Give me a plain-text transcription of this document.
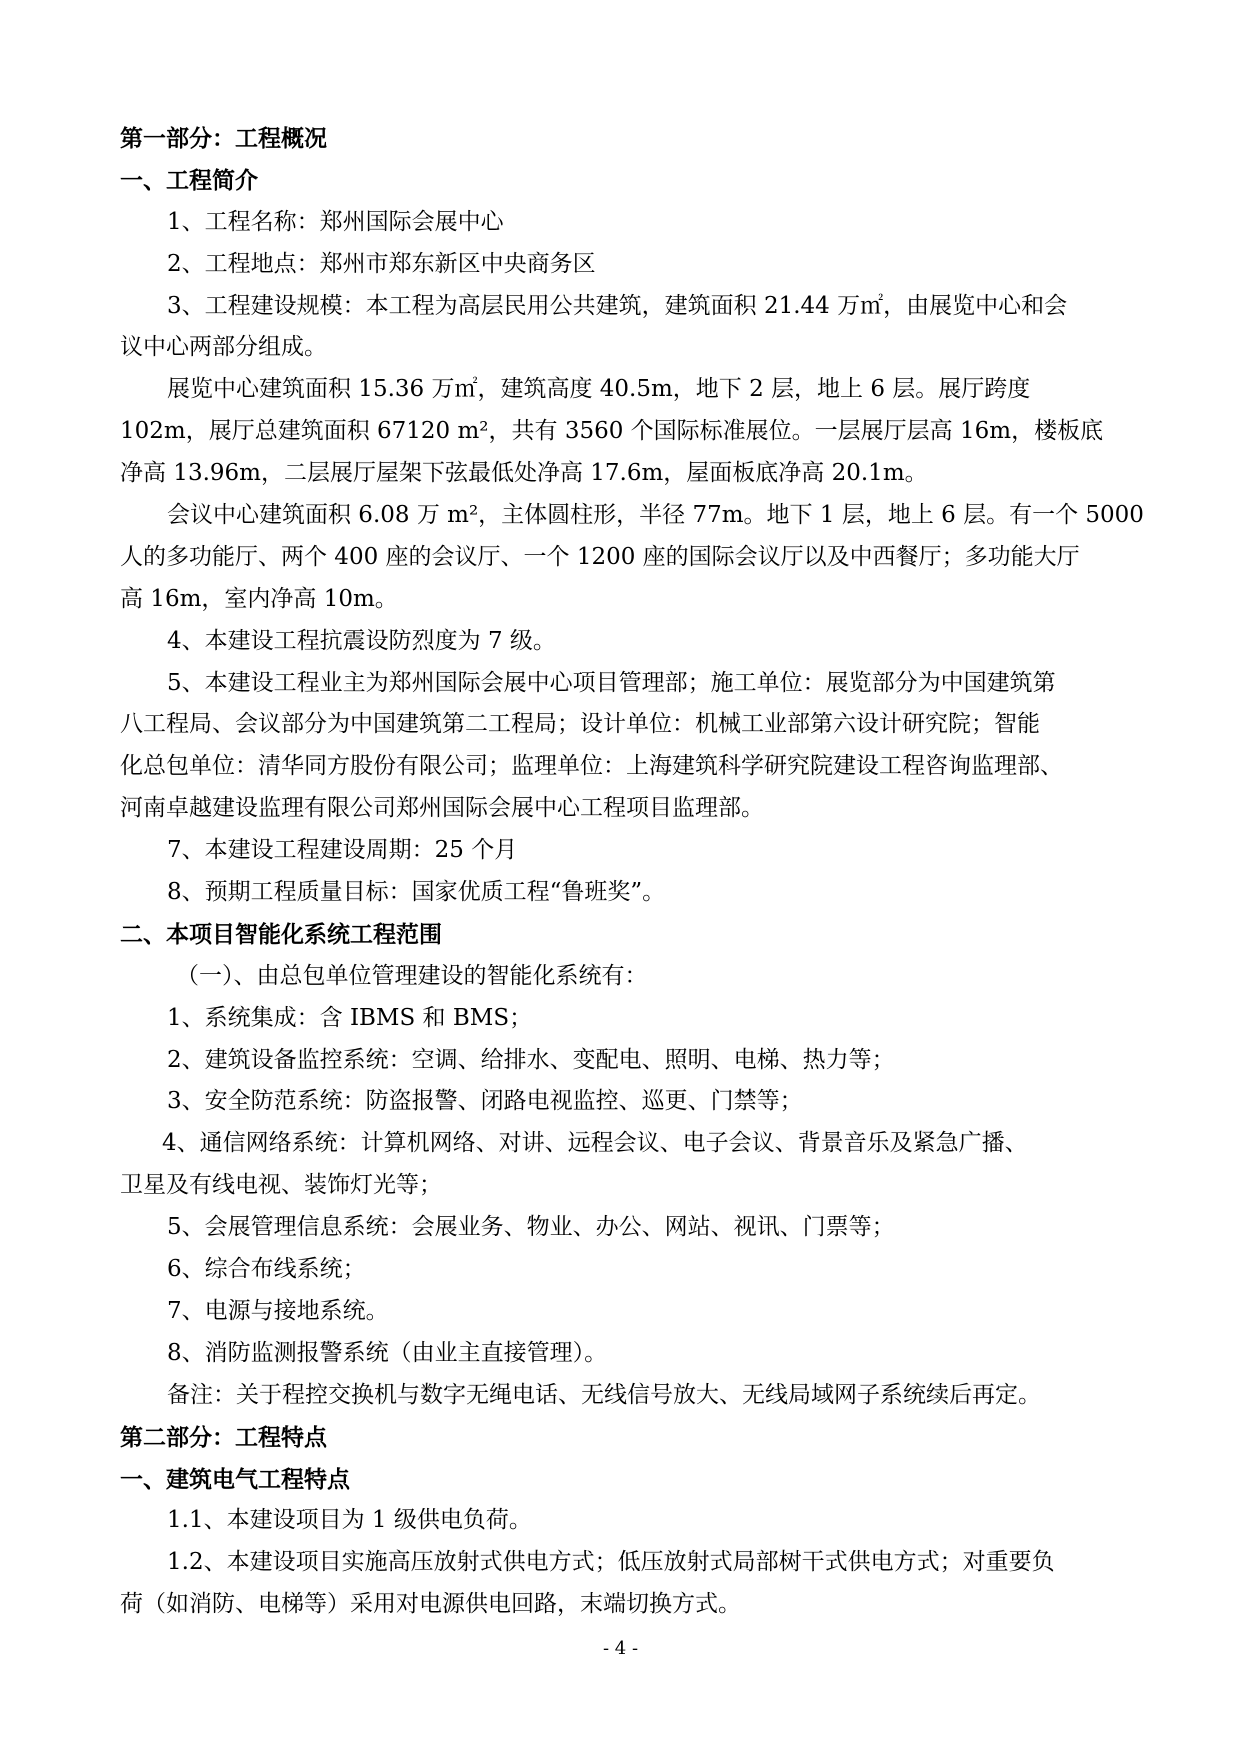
第一部分：工程概况

一、工程简介

1、工程名称：郑州国际会展中心

2、工程地点：郑州市郑东新区中央商务区

3、工程建设规模：本工程为高层民用公共建筑，建筑面积 21.44 万㎡，由展览中心和会

议中心两部分组成。

展览中心建筑面积 15.36 万㎡，建筑高度 40.5m，地下 2 层，地上 6 层。展厅跨度

102m，展厅总建筑面积 67120 m²，共有 3560 个国际标准展位。一层展厅层高 16m，楼板底

净高 13.96m，二层展厅屋架下弦最低处净高 17.6m，屋面板底净高 20.1m。

会议中心建筑面积 6.08 万 m²，主体圆柱形，半径 77m。地下 1 层，地上 6 层。有一个 5000

人的多功能厅、两个 400 座的会议厅、一个 1200 座的国际会议厅以及中西餐厅；多功能大厅

高 16m，室内净高 10m。

4、本建设工程抗震设防烈度为 7 级。

5、本建设工程业主为郑州国际会展中心项目管理部；施工单位：展览部分为中国建筑第

八工程局、会议部分为中国建筑第二工程局；设计单位：机械工业部第六设计研究院；智能

化总包单位：清华同方股份有限公司；监理单位：上海建筑科学研究院建设工程咨询监理部、

河南卓越建设监理有限公司郑州国际会展中心工程项目监理部。

7、本建设工程建设周期：25 个月

8、预期工程质量目标：国家优质工程“鲁班奖”。

二、本项目智能化系统工程范围

（一）、由总包单位管理建设的智能化系统有：

1、系统集成：含 IBMS 和 BMS；

2、建筑设备监控系统：空调、给排水、变配电、照明、电梯、热力等；

3、安全防范系统：防盗报警、闭路电视监控、巡更、门禁等；

4、通信网络系统：计算机网络、对讲、远程会议、电子会议、背景音乐及紧急广播、

卫星及有线电视、装饰灯光等；

5、会展管理信息系统：会展业务、物业、办公、网站、视讯、门票等；

6、综合布线系统；

7、电源与接地系统。

8、消防监测报警系统（由业主直接管理）。

备注：关于程控交换机与数字无绳电话、无线信号放大、无线局域网子系统续后再定。

第二部分：工程特点

一、建筑电气工程特点

1.1、本建设项目为 1 级供电负荷。

1.2、本建设项目实施高压放射式供电方式；低压放射式局部树干式供电方式；对重要负

荷（如消防、电梯等）采用对电源供电回路，末端切换方式。

- 4 -
